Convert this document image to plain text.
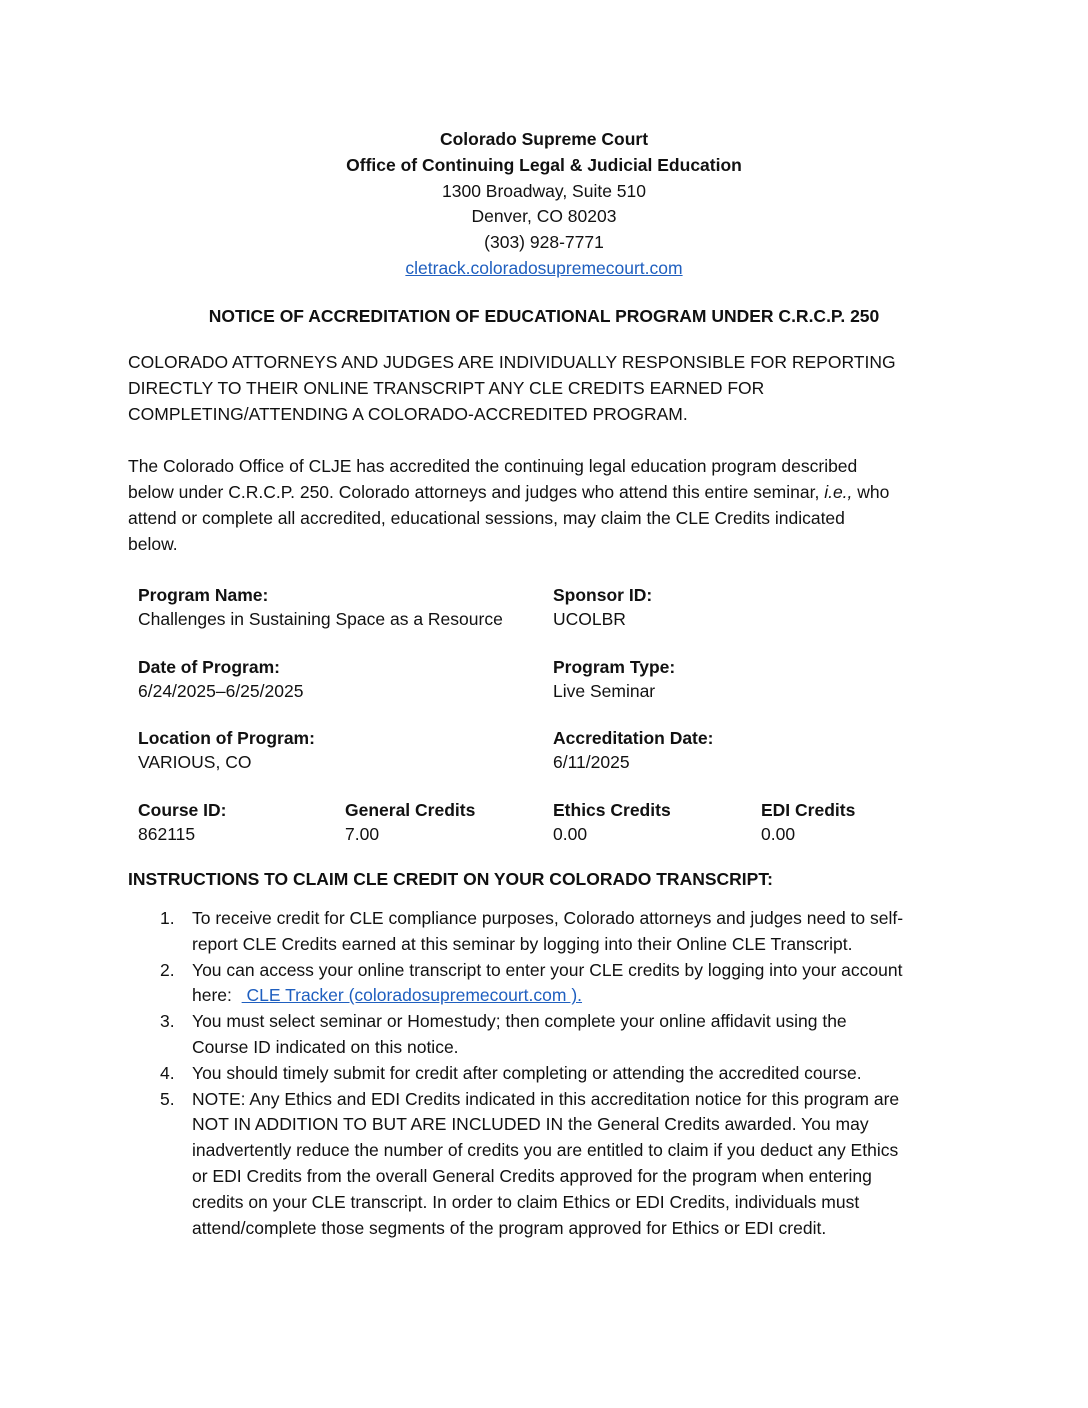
Colorado Supreme Court
Office of Continuing Legal & Judicial Education
1300 Broadway, Suite 510
Denver, CO 80203
(303) 928-7771
cletrack.coloradosupremecourt.com
NOTICE OF ACCREDITATION OF EDUCATIONAL PROGRAM UNDER C.R.C.P. 250
COLORADO ATTORNEYS AND JUDGES ARE INDIVIDUALLY RESPONSIBLE FOR REPORTING
DIRECTLY TO THEIR ONLINE TRANSCRIPT ANY CLE CREDITS EARNED FOR
COMPLETING/ATTENDING A COLORADO-ACCREDITED PROGRAM.
The Colorado Office of CLJE has accredited the continuing legal education program described
below under C.R.C.P. 250. Colorado attorneys and judges who attend this entire seminar, i.e., who
attend or complete all accredited, educational sessions, may claim the CLE Credits indicated
below.
Program Name:
Challenges in Sustaining Space as a Resource
Sponsor ID:
UCOLBR
Date of Program:
6/24/2025–6/25/2025
Program Type:
Live Seminar
Location of Program:
VARIOUS, CO
Accreditation Date:
6/11/2025
Course ID:
862115
General Credits
7.00
Ethics Credits
0.00
EDI Credits
0.00
INSTRUCTIONS TO CLAIM CLE CREDIT ON YOUR COLORADO TRANSCRIPT:
1. To receive credit for CLE compliance purposes, Colorado attorneys and judges need to self-
report CLE Credits earned at this seminar by logging into their Online CLE Transcript.
2. You can access your online transcript to enter your CLE credits by logging into your account
here:   CLE Tracker (coloradosupremecourt.com ).
3. You must select seminar or Homestudy; then complete your online affidavit using the
Course ID indicated on this notice.
4. You should timely submit for credit after completing or attending the accredited course.
5. NOTE: Any Ethics and EDI Credits indicated in this accreditation notice for this program are
NOT IN ADDITION TO BUT ARE INCLUDED IN the General Credits awarded. You may
inadvertently reduce the number of credits you are entitled to claim if you deduct any Ethics
or EDI Credits from the overall General Credits approved for the program when entering
credits on your CLE transcript. In order to claim Ethics or EDI Credits, individuals must
attend/complete those segments of the program approved for Ethics or EDI credit.
